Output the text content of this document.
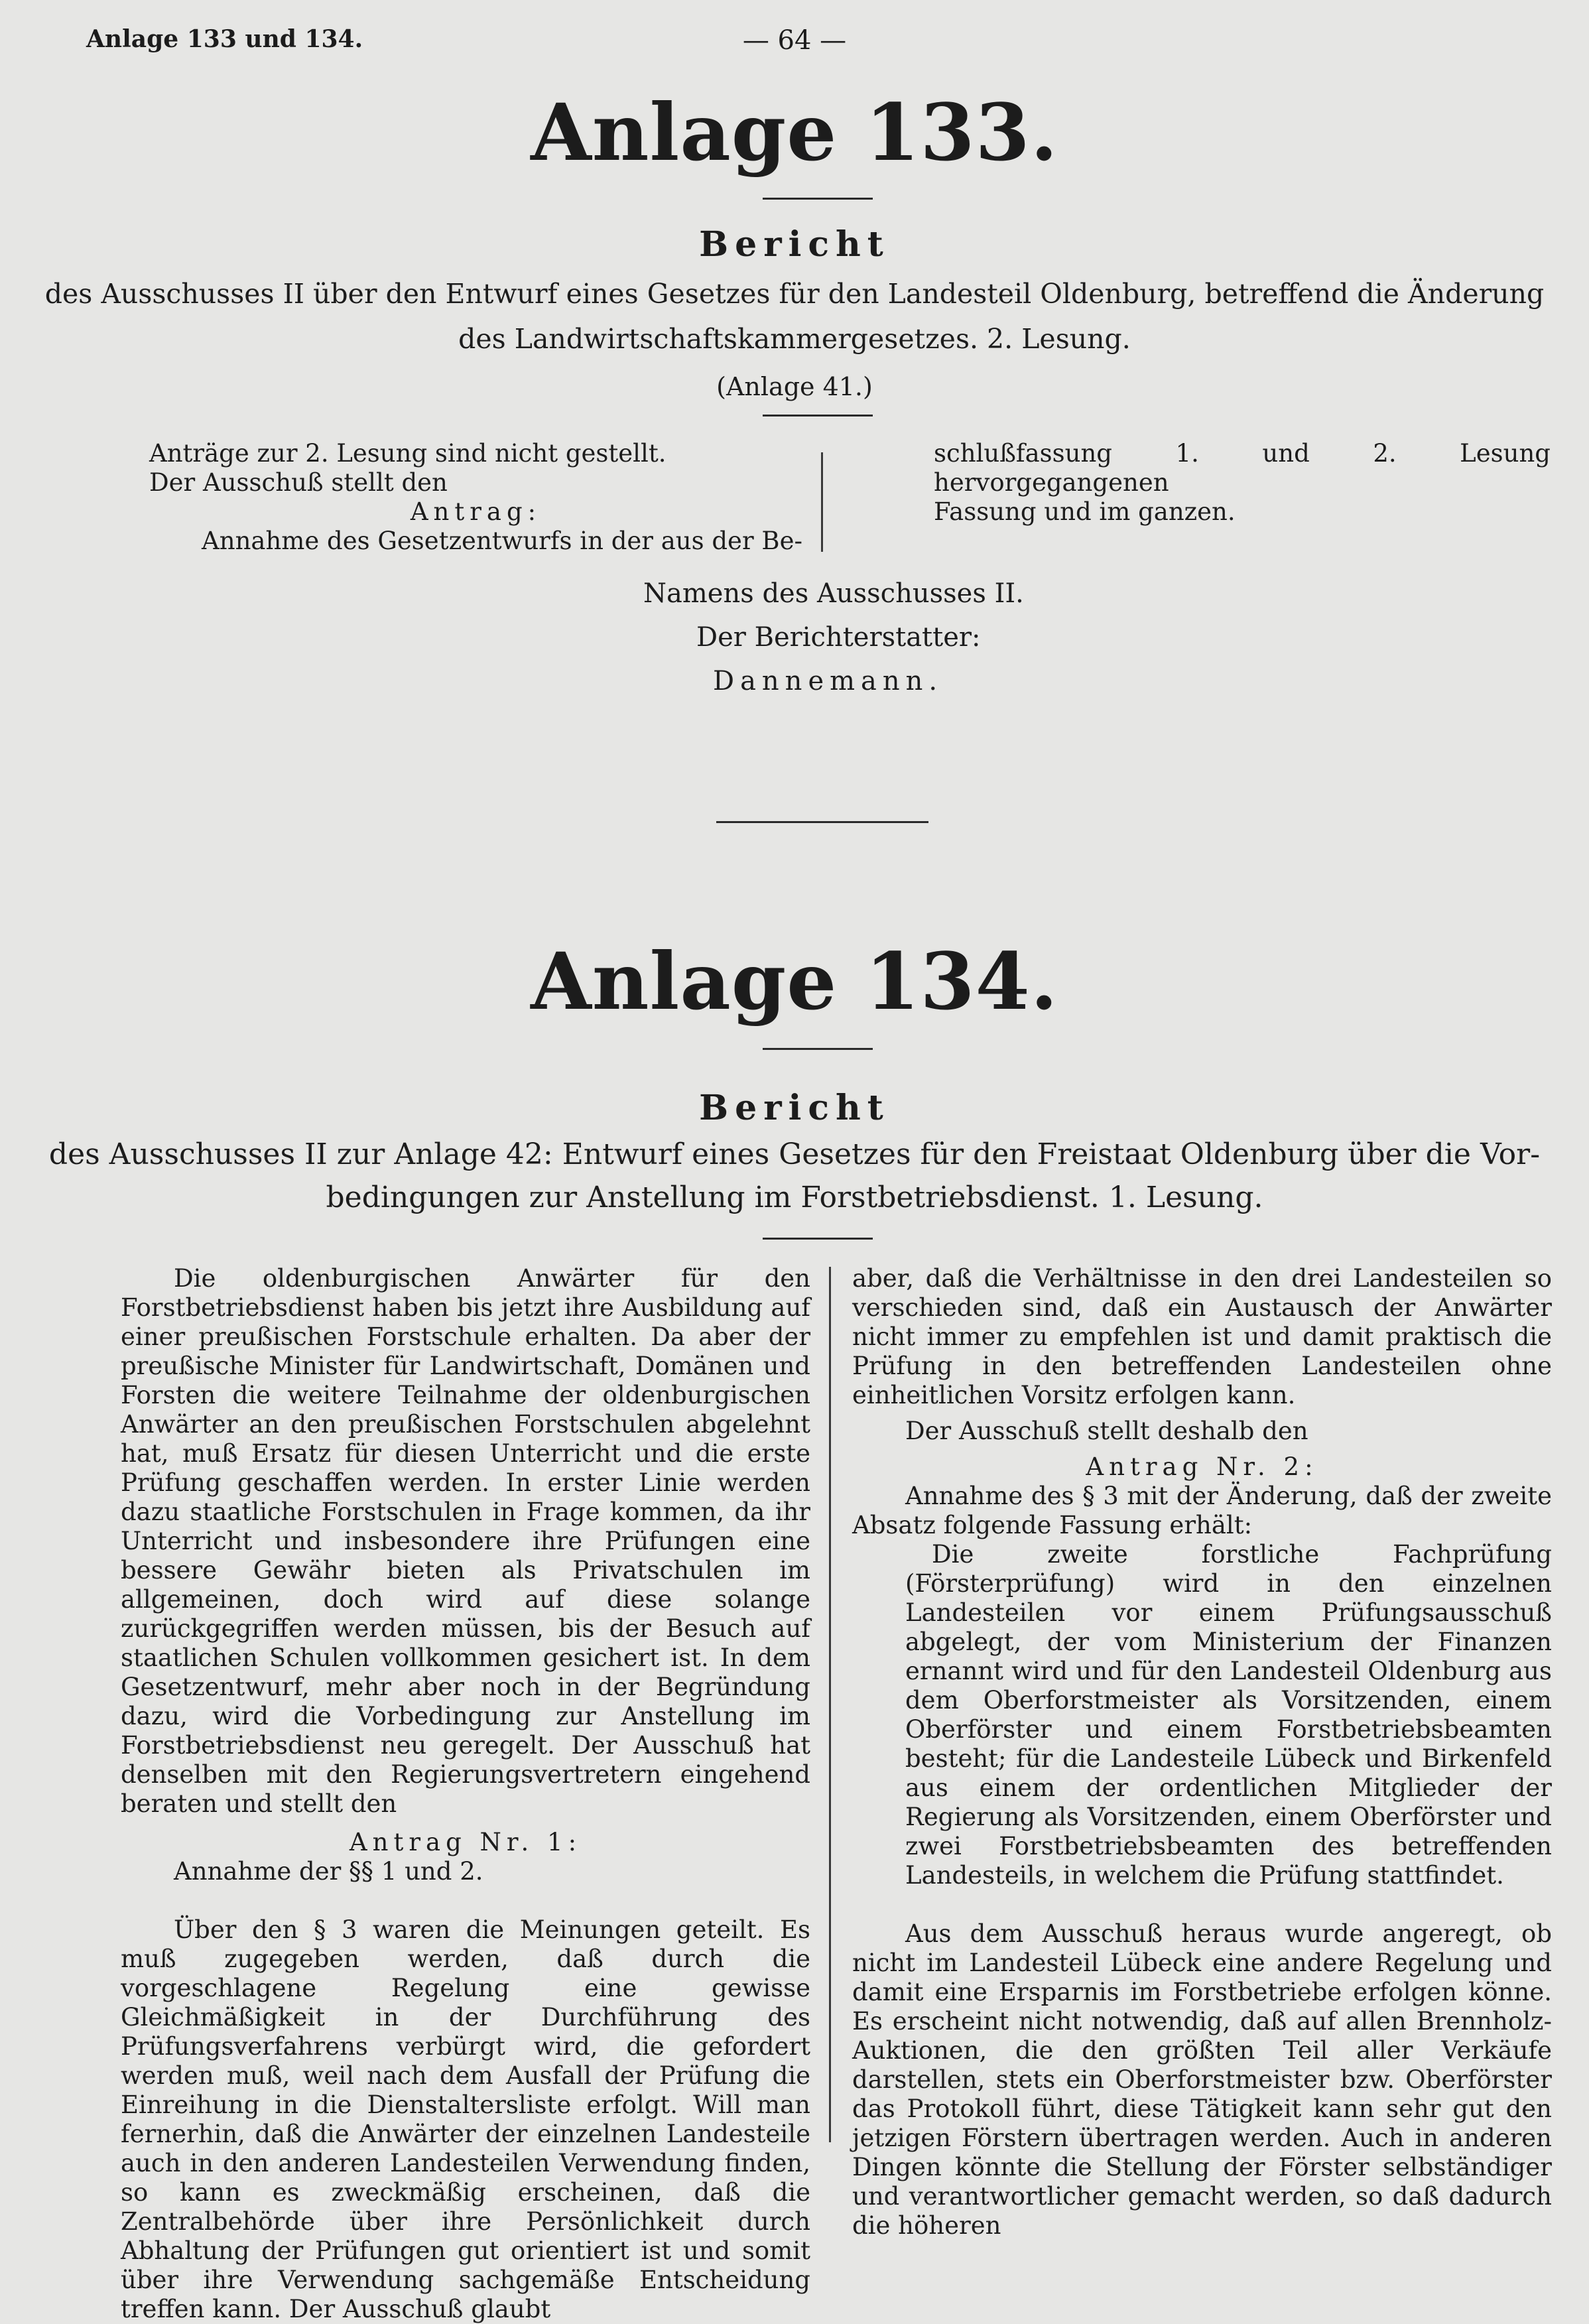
Anlage 133 und 134.	— 64 —
Anlage 133.
Bericht
des Ausschusses II über den Entwurf eines Gesetzes für den Landesteil Oldenburg, betreffend die Änderung
des Landwirtschaftskammergesetzes. 2. Lesung.
(Anlage 41.)

Anträge zur 2. Lesung sind nicht gestellt.

Der Ausschuß stellt den

Antrag:

Annahme des Gesetzentwurfs in der aus der Be-

schlußfassung 1. und 2. Lesung hervorgegangenen

Fassung und im ganzen.

Namens des Ausschusses II.
Der Berichterstatter:
Dannemann.
Anlage 134.
Bericht
des Ausschusses II zur Anlage 42: Entwurf eines Gesetzes für den Freistaat Oldenburg über die Vor-
bedingungen zur Anstellung im Forstbetriebsdienst. 1. Lesung.

Die oldenburgischen Anwärter für den Forstbetriebsdienst haben bis jetzt ihre Ausbildung auf einer preußischen Forstschule erhalten. Da aber der preußische Minister für Landwirtschaft, Domänen und Forsten die weitere Teilnahme der oldenburgischen Anwärter an den preußischen Forstschulen abgelehnt hat, muß Ersatz für diesen Unterricht und die erste Prüfung geschaffen werden. In erster Linie werden dazu staatliche Forstschulen in Frage kommen, da ihr Unterricht und insbesondere ihre Prüfungen eine bessere Gewähr bieten als Privatschulen im allgemeinen, doch wird auf diese solange zurückgegriffen werden müssen, bis der Besuch auf staatlichen Schulen vollkommen gesichert ist. In dem Gesetzentwurf, mehr aber noch in der Begründung dazu, wird die Vorbedingung zur Anstellung im Forstbetriebsdienst neu geregelt. Der Ausschuß hat denselben mit den Regierungsvertretern eingehend beraten und stellt den

Antrag Nr. 1:

Annahme der §§ 1 und 2.

Über den § 3 waren die Meinungen geteilt. Es muß zugegeben werden, daß durch die vorgeschlagene Regelung eine gewisse Gleichmäßigkeit in der Durchführung des Prüfungsverfahrens verbürgt wird, die gefordert werden muß, weil nach dem Ausfall der Prüfung die Einreihung in die Dienstaltersliste erfolgt. Will man fernerhin, daß die Anwärter der einzelnen Landesteile auch in den anderen Landesteilen Verwendung finden, so kann es zweckmäßig erscheinen, daß die Zentralbehörde über ihre Persönlichkeit durch Abhaltung der Prüfungen gut orientiert ist und somit über ihre Verwendung sachgemäße Entscheidung treffen kann. Der Ausschuß glaubt

aber, daß die Verhältnisse in den drei Landesteilen so verschieden sind, daß ein Austausch der Anwärter nicht immer zu empfehlen ist und damit praktisch die Prüfung in den betreffenden Landesteilen ohne einheitlichen Vorsitz erfolgen kann.

Der Ausschuß stellt deshalb den

Antrag Nr. 2:

Annahme des § 3 mit der Änderung, daß der zweite Absatz folgende Fassung erhält:

Die zweite forstliche Fachprüfung (Försterprüfung) wird in den einzelnen Landesteilen vor einem Prüfungsausschuß abgelegt, der vom Ministerium der Finanzen ernannt wird und für den Landesteil Oldenburg aus dem Oberforstmeister als Vorsitzenden, einem Oberförster und einem Forstbetriebsbeamten besteht; für die Landesteile Lübeck und Birkenfeld aus einem der ordentlichen Mitglieder der Regierung als Vorsitzenden, einem Oberförster und zwei Forstbetriebsbeamten des betreffenden Landesteils, in welchem die Prüfung stattfindet.

Aus dem Ausschuß heraus wurde angeregt, ob nicht im Landesteil Lübeck eine andere Regelung und damit eine Ersparnis im Forstbetriebe erfolgen könne. Es erscheint nicht notwendig, daß auf allen Brennholz-Auktionen, die den größten Teil aller Verkäufe darstellen, stets ein Oberforstmeister bzw. Oberförster das Protokoll führt, diese Tätigkeit kann sehr gut den jetzigen Förstern übertragen werden. Auch in anderen Dingen könnte die Stellung der Förster selbständiger und verantwortlicher gemacht werden, so daß dadurch die höheren
